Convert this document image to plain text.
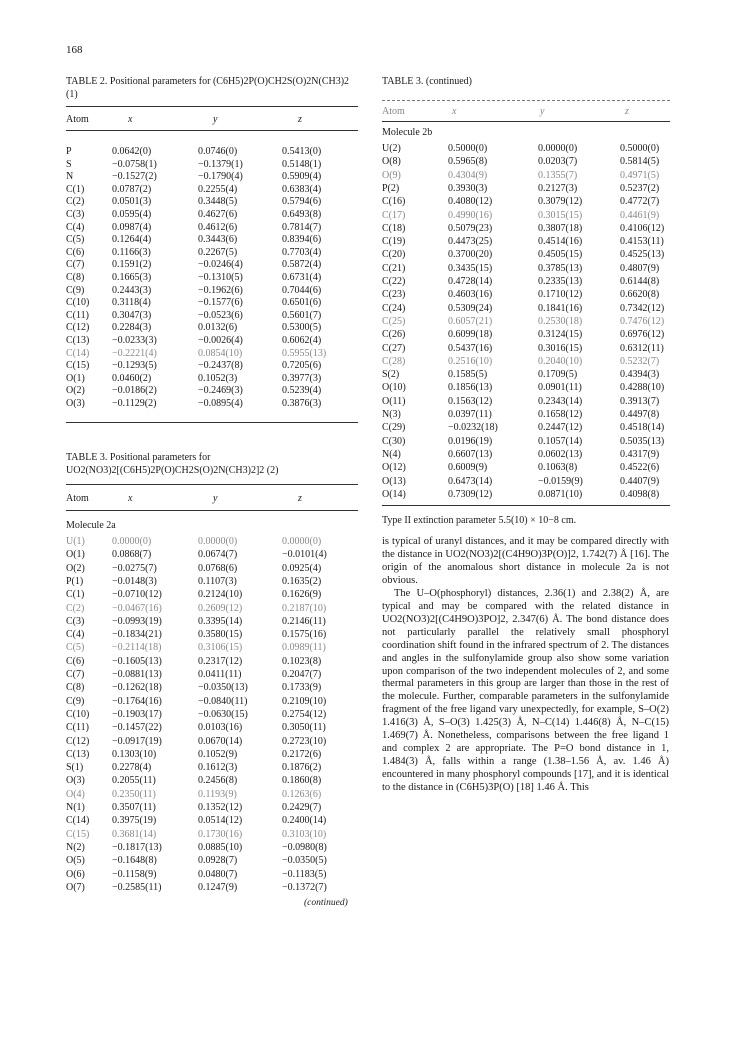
168
TABLE 2. Positional parameters for (C6H5)2P(O)CH2S(O)2N(CH3)2 (1)
Atom	x	y	z
P	0.0642(0)	0.0746(0)	0.5413(0)
S	−0.0758(1)	−0.1379(1)	0.5148(1)
N	−0.1527(2)	−0.1790(4)	0.5909(4)
C(1)	0.0787(2)	0.2255(4)	0.6383(4)
C(2)	0.0501(3)	0.3448(5)	0.5794(6)
C(3)	0.0595(4)	0.4627(6)	0.6493(8)
C(4)	0.0987(4)	0.4612(6)	0.7814(7)
C(5)	0.1264(4)	0.3443(6)	0.8394(6)
C(6)	0.1166(3)	0.2267(5)	0.7703(4)
C(7)	0.1591(2)	−0.0246(4)	0.5872(4)
C(8)	0.1665(3)	−0.1310(5)	0.6731(4)
C(9)	0.2443(3)	−0.1962(6)	0.7044(6)
C(10) 0.3118(4)	−0.1577(6)	0.6501(6)
C(11) 0.3047(3)	−0.0523(6)	0.5601(7)
C(12) 0.2284(3)	0.0132(6)	0.5300(5)
C(13) −0.0233(3)	−0.0026(4)	0.6062(4)
C(14) −0.2221(4)	0.0854(10)	0.5955(13)
C(15) −0.1293(5)	−0.2437(8)	0.7205(6)
O(1)	0.0460(2)	0.1052(3)	0.3977(3)
O(2)	−0.0186(2)	−0.2469(3)	0.5239(4)
O(3)	−0.1129(2)	−0.0895(4)	0.3876(3)
TABLE 3. Positional parameters for UO2(NO3)2[(C6H5)2P(O)CH2S(O)2N(CH3)2]2 (2)
Atom	x	y	z
Molecule 2a
U(1)	0.0000(0)	0.0000(0)	0.0000(0)
O(1)	0.0868(7)	0.0674(7)	−0.0101(4)
O(2)	−0.0275(7)	0.0768(6)	0.0925(4)
P(1)	−0.0148(3)	0.1107(3)	0.1635(2)
C(1)	−0.0710(12)	0.2124(10)	0.1626(9)
C(2)	−0.0467(16)	0.2609(12)	0.2187(10)
C(3)	−0.0993(19)	0.3395(14)	0.2146(11)
C(4)	−0.1834(21)	0.3580(15)	0.1575(16)
C(5)	−0.2114(18)	0.3106(15)	0.0989(11)
C(6)	−0.1605(13)	0.2317(12)	0.1023(8)
C(7)	−0.0881(13)	0.0411(11)	0.2047(7)
C(8)	−0.1262(18)	−0.0350(13)	0.1733(9)
C(9)	−0.1764(16)	−0.0840(11)	0.2109(10)
C(10) −0.1903(17)	−0.0630(15)	0.2754(12)
C(11) −0.1457(22)	0.0103(16)	0.3050(11)
C(12) −0.0917(19)	0.0670(14)	0.2723(10)
C(13) 0.1303(10)	0.1052(9)	0.2172(6)
S(1)	0.2278(4)	0.1612(3)	0.1876(2)
O(3)	0.2055(11)	0.2456(8)	0.1860(8)
O(4)	0.2350(11)	0.1193(9)	0.1263(6)
N(1)	0.3507(11)	0.1352(12)	0.2429(7)
C(14) 0.3975(19)	0.0514(12)	0.2400(14)
C(15) 0.3681(14)	0.1730(16)	0.3103(10)
N(2)	−0.1817(13)	0.0885(10)	−0.0980(8)
O(5)	−0.1648(8)	0.0928(7)	−0.0350(5)
O(6)	−0.1158(9)	0.0480(7)	−0.1183(5)
O(7)	−0.2585(11)	0.1247(9)	−0.1372(7)
(continued)
TABLE 3. (continued)
Atom	x	y	z
Molecule 2b
U(2)	0.5000(0)	0.0000(0)	0.5000(0)
O(8)	0.5965(8)	0.0203(7)	0.5814(5)
O(9)	0.4304(9)	0.1355(7)	0.4971(5)
P(2)	0.3930(3)	0.2127(3)	0.5237(2)
C(16)	0.4080(12)	0.3079(12)	0.4772(7)
C(17)	0.4990(16)	0.3015(15)	0.4461(9)
C(18)	0.5079(23)	0.3807(18)	0.4106(12)
C(19)	0.4473(25)	0.4514(16)	0.4153(11)
C(20)	0.3700(20)	0.4505(15)	0.4525(13)
C(21)	0.3435(15)	0.3785(13)	0.4807(9)
C(22)	0.4728(14)	0.2335(13)	0.6144(8)
C(23)	0.4603(16)	0.1710(12)	0.6620(8)
C(24)	0.5309(24)	0.1841(16)	0.7342(12)
C(25)	0.6057(21)	0.2530(18)	0.7476(12)
C(26)	0.6099(18)	0.3124(15)	0.6976(12)
C(27)	0.5437(16)	0.3016(15)	0.6312(11)
C(28)	0.2516(10)	0.2040(10)	0.5232(7)
S(2)	0.1585(5)	0.1709(5)	0.4394(3)
O(10)	0.1856(13)	0.0901(11)	0.4288(10)
O(11)	0.1563(12)	0.2343(14)	0.3913(7)
N(3)	0.0397(11)	0.1658(12)	0.4497(8)
C(29)	−0.0232(18)	0.2447(12)	0.4518(14)
C(30)	0.0196(19)	0.1057(14)	0.5035(13)
N(4)	0.6607(13)	0.0602(13)	0.4317(9)
O(12)	0.6009(9)	0.1063(8)	0.4522(6)
O(13)	0.6473(14)	−0.0159(9)	0.4407(9)
O(14)	0.7309(12)	0.0871(10)	0.4098(8)
Type II extinction parameter 5.5(10) × 10−8 cm.

is typical of uranyl distances, and it may be compared directly with the distance in UO2(NO3)2[(C4H9O)3P(O)]2, 1.742(7) Å [16]. The origin of the anomalous short distance in molecule 2a is not obvious.

The U–O(phosphoryl) distances, 2.36(1) and 2.38(2) Å, are typical and may be compared with the related distance in UO2(NO3)2[(C4H9O)3PO]2, 2.347(6) Å. The bond distance does not particularly parallel the relatively small phosphoryl coordination shift found in the infrared spectrum of 2. The distances and angles in the sulfonylamide group also show some variation upon comparison of the two independent molecules of 2, and some thermal parameters in this group are larger than those in the rest of the molecule. Further, comparable parameters in the sulfonylamide fragment of the free ligand vary unexpectedly, for example, S–O(2) 1.416(3) Å, S–O(3) 1.425(3) Å, N–C(14) 1.446(8) Å, N–C(15) 1.469(7) Å. Nonetheless, comparisons between the free ligand 1 and complex 2 are appropriate. The P=O bond distance in 1, 1.484(3) Å, falls within a range (1.38–1.56 Å, av. 1.46 Å) encountered in many phosphoryl compounds [17], and it is identical to the distance in (C6H5)3P(O) [18] 1.46 Å. This
